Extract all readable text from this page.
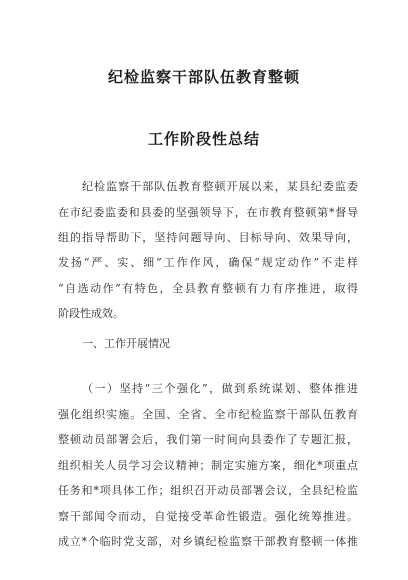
纪检监察干部队伍教育整顿
工作阶段性总结
纪检监察干部队伍教育整顿开展以来，某县纪委监委
在市纪委监委和县委的坚强领导下，在市教育整顿第*督导
组的指导帮助下，坚持问题导向、目标导向、效果导向，
发扬“严、实、细”工作作风，确保“规定动作”不走样
“自选动作”有特色，全县教育整顿有力有序推进，取得
阶段性成效。
一、工作开展情况
（一）坚持“三个强化”，做到系统谋划、整体推进
强化组织实施。全国、全省、全市纪检监察干部队伍教育
整顿动员部署会后，我们第一时间向县委作了专题汇报，
组织相关人员学习会议精神；制定实施方案，细化*项重点
任务和*项具体工作；组织召开动员部署会议，全县纪检监
察干部闻令而动，自觉接受革命性锻造。强化统筹推进。
成立*个临时党支部，对乡镇纪检监察干部教育整顿一体推
